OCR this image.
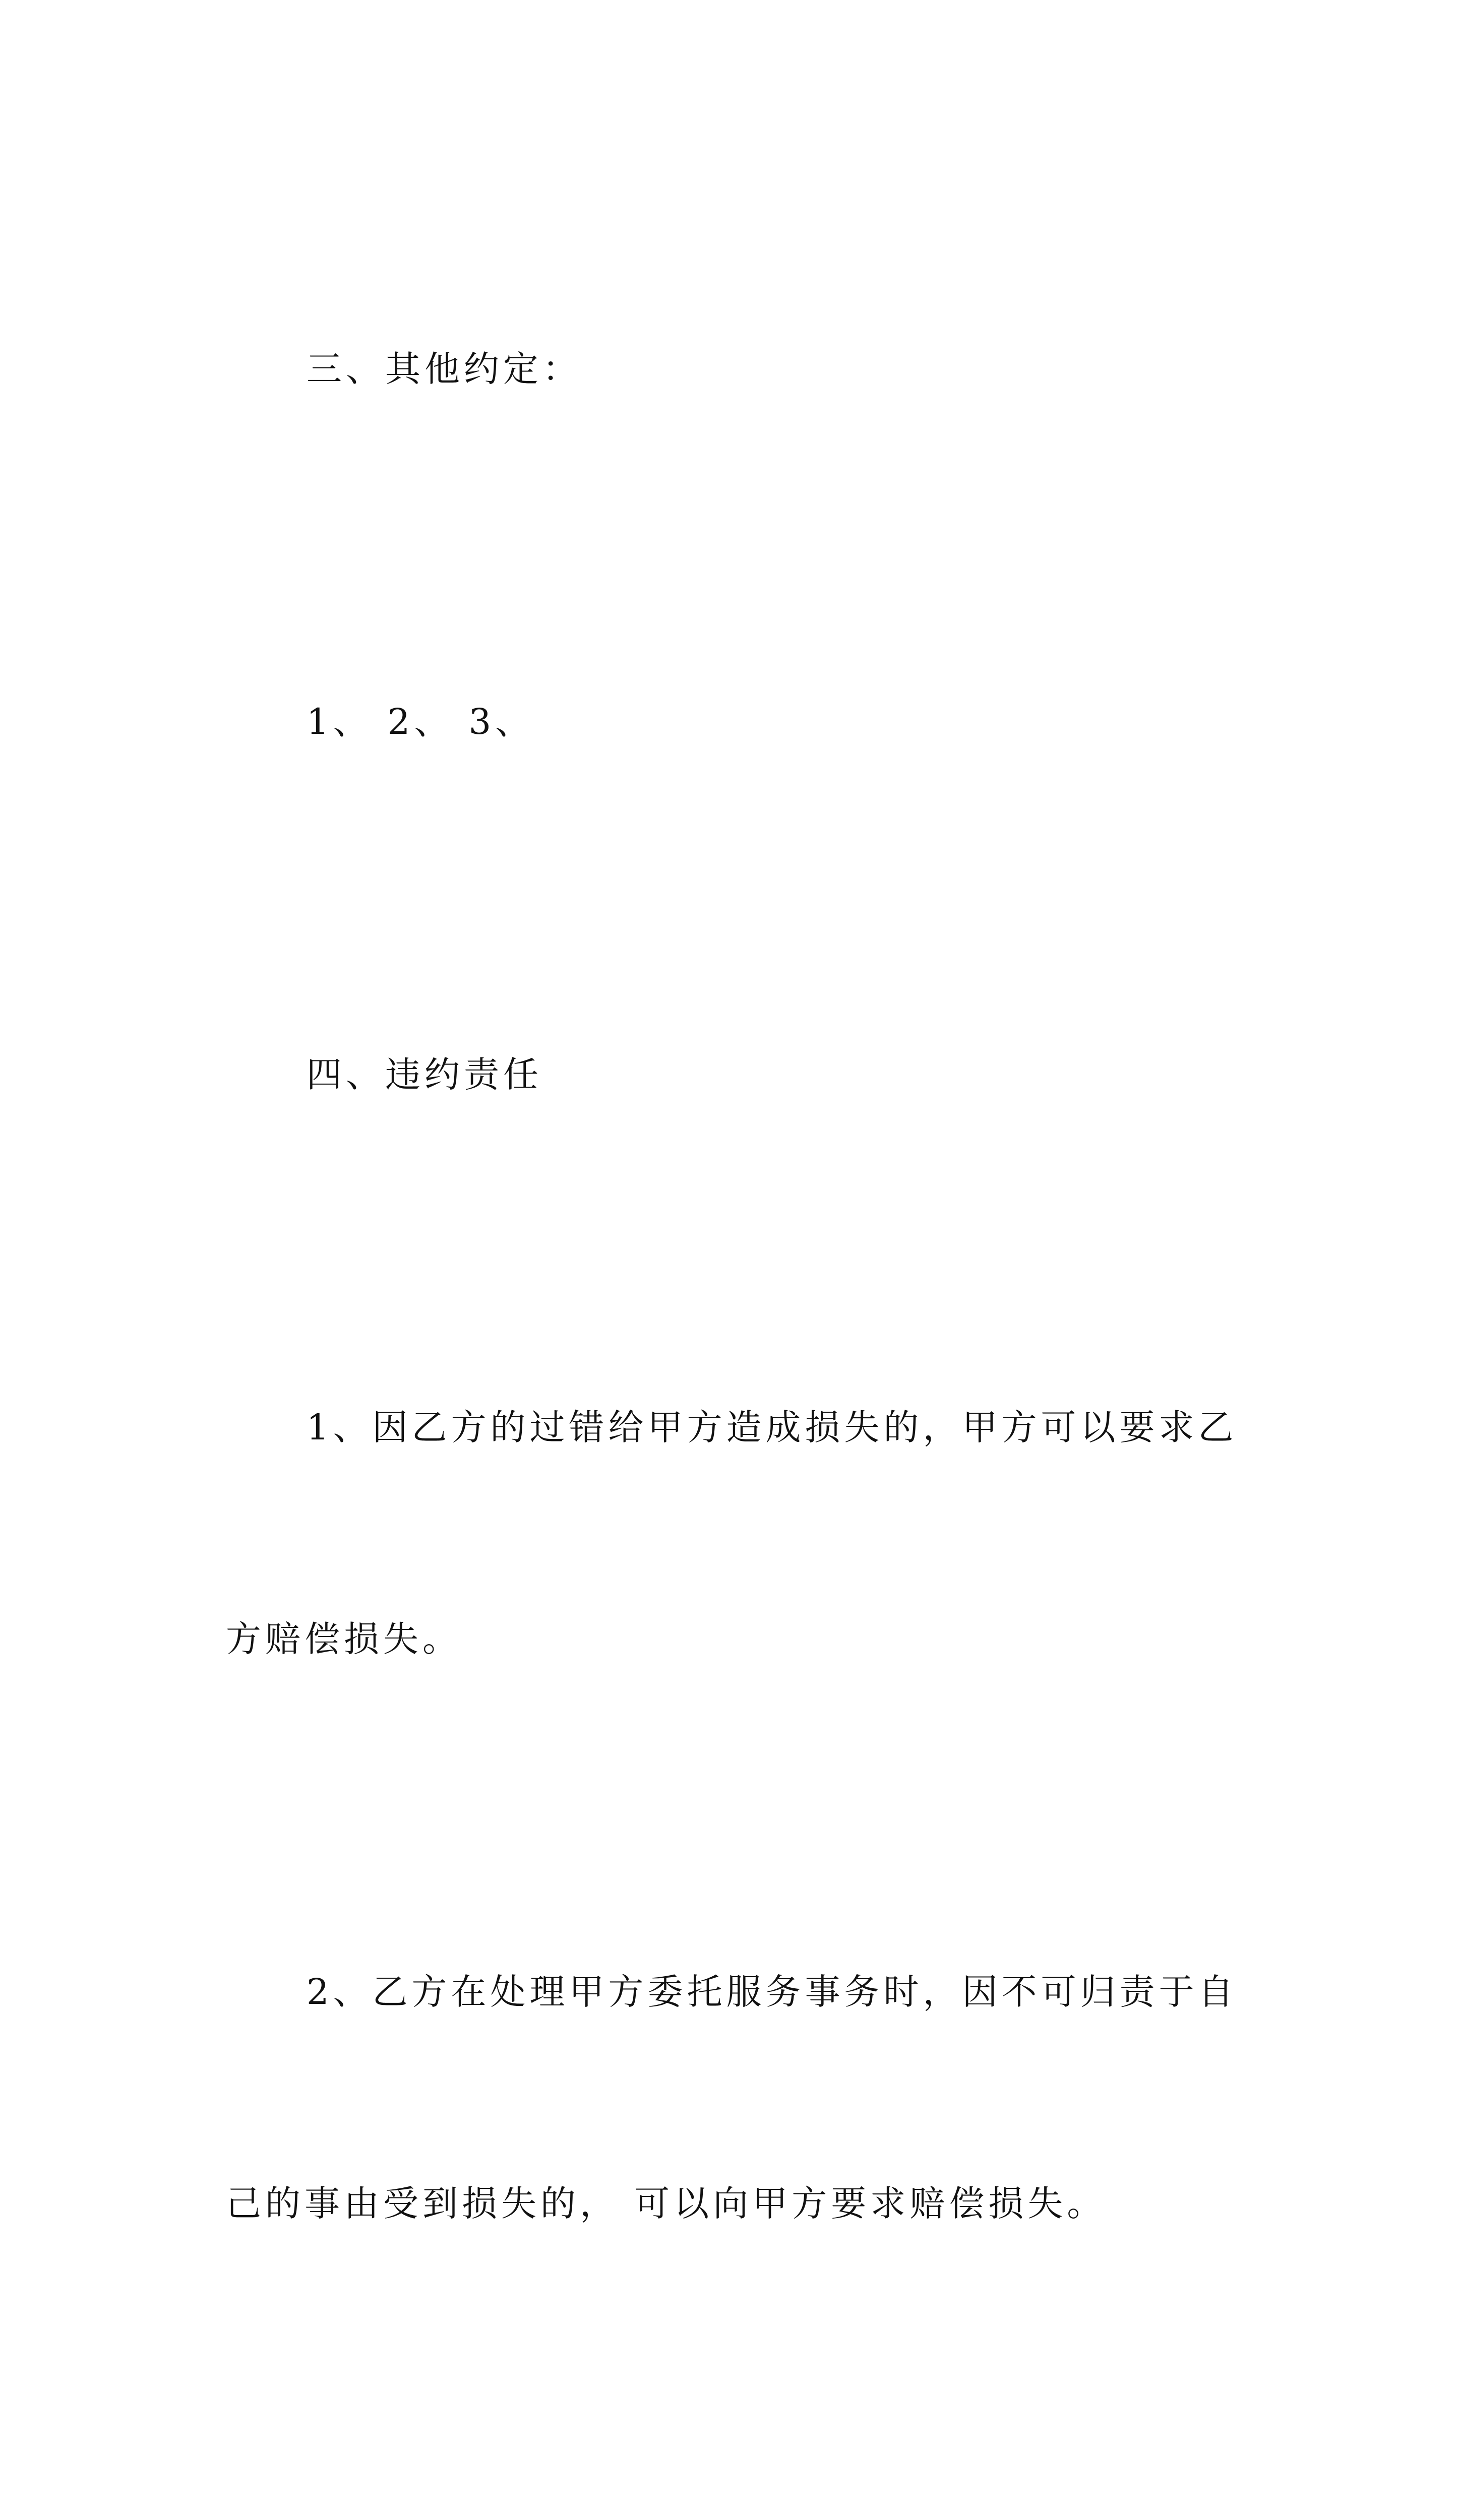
三、其他约定：

1、 2、 3、

四、违约责任

1、因乙方的过错给甲方造成损失的，甲方可以要求乙

方赔偿损失。

2、乙方在处理甲方委托服务事务时，因不可归责于自

己的事由受到损失的， 可以向甲方要求赔偿损失。
